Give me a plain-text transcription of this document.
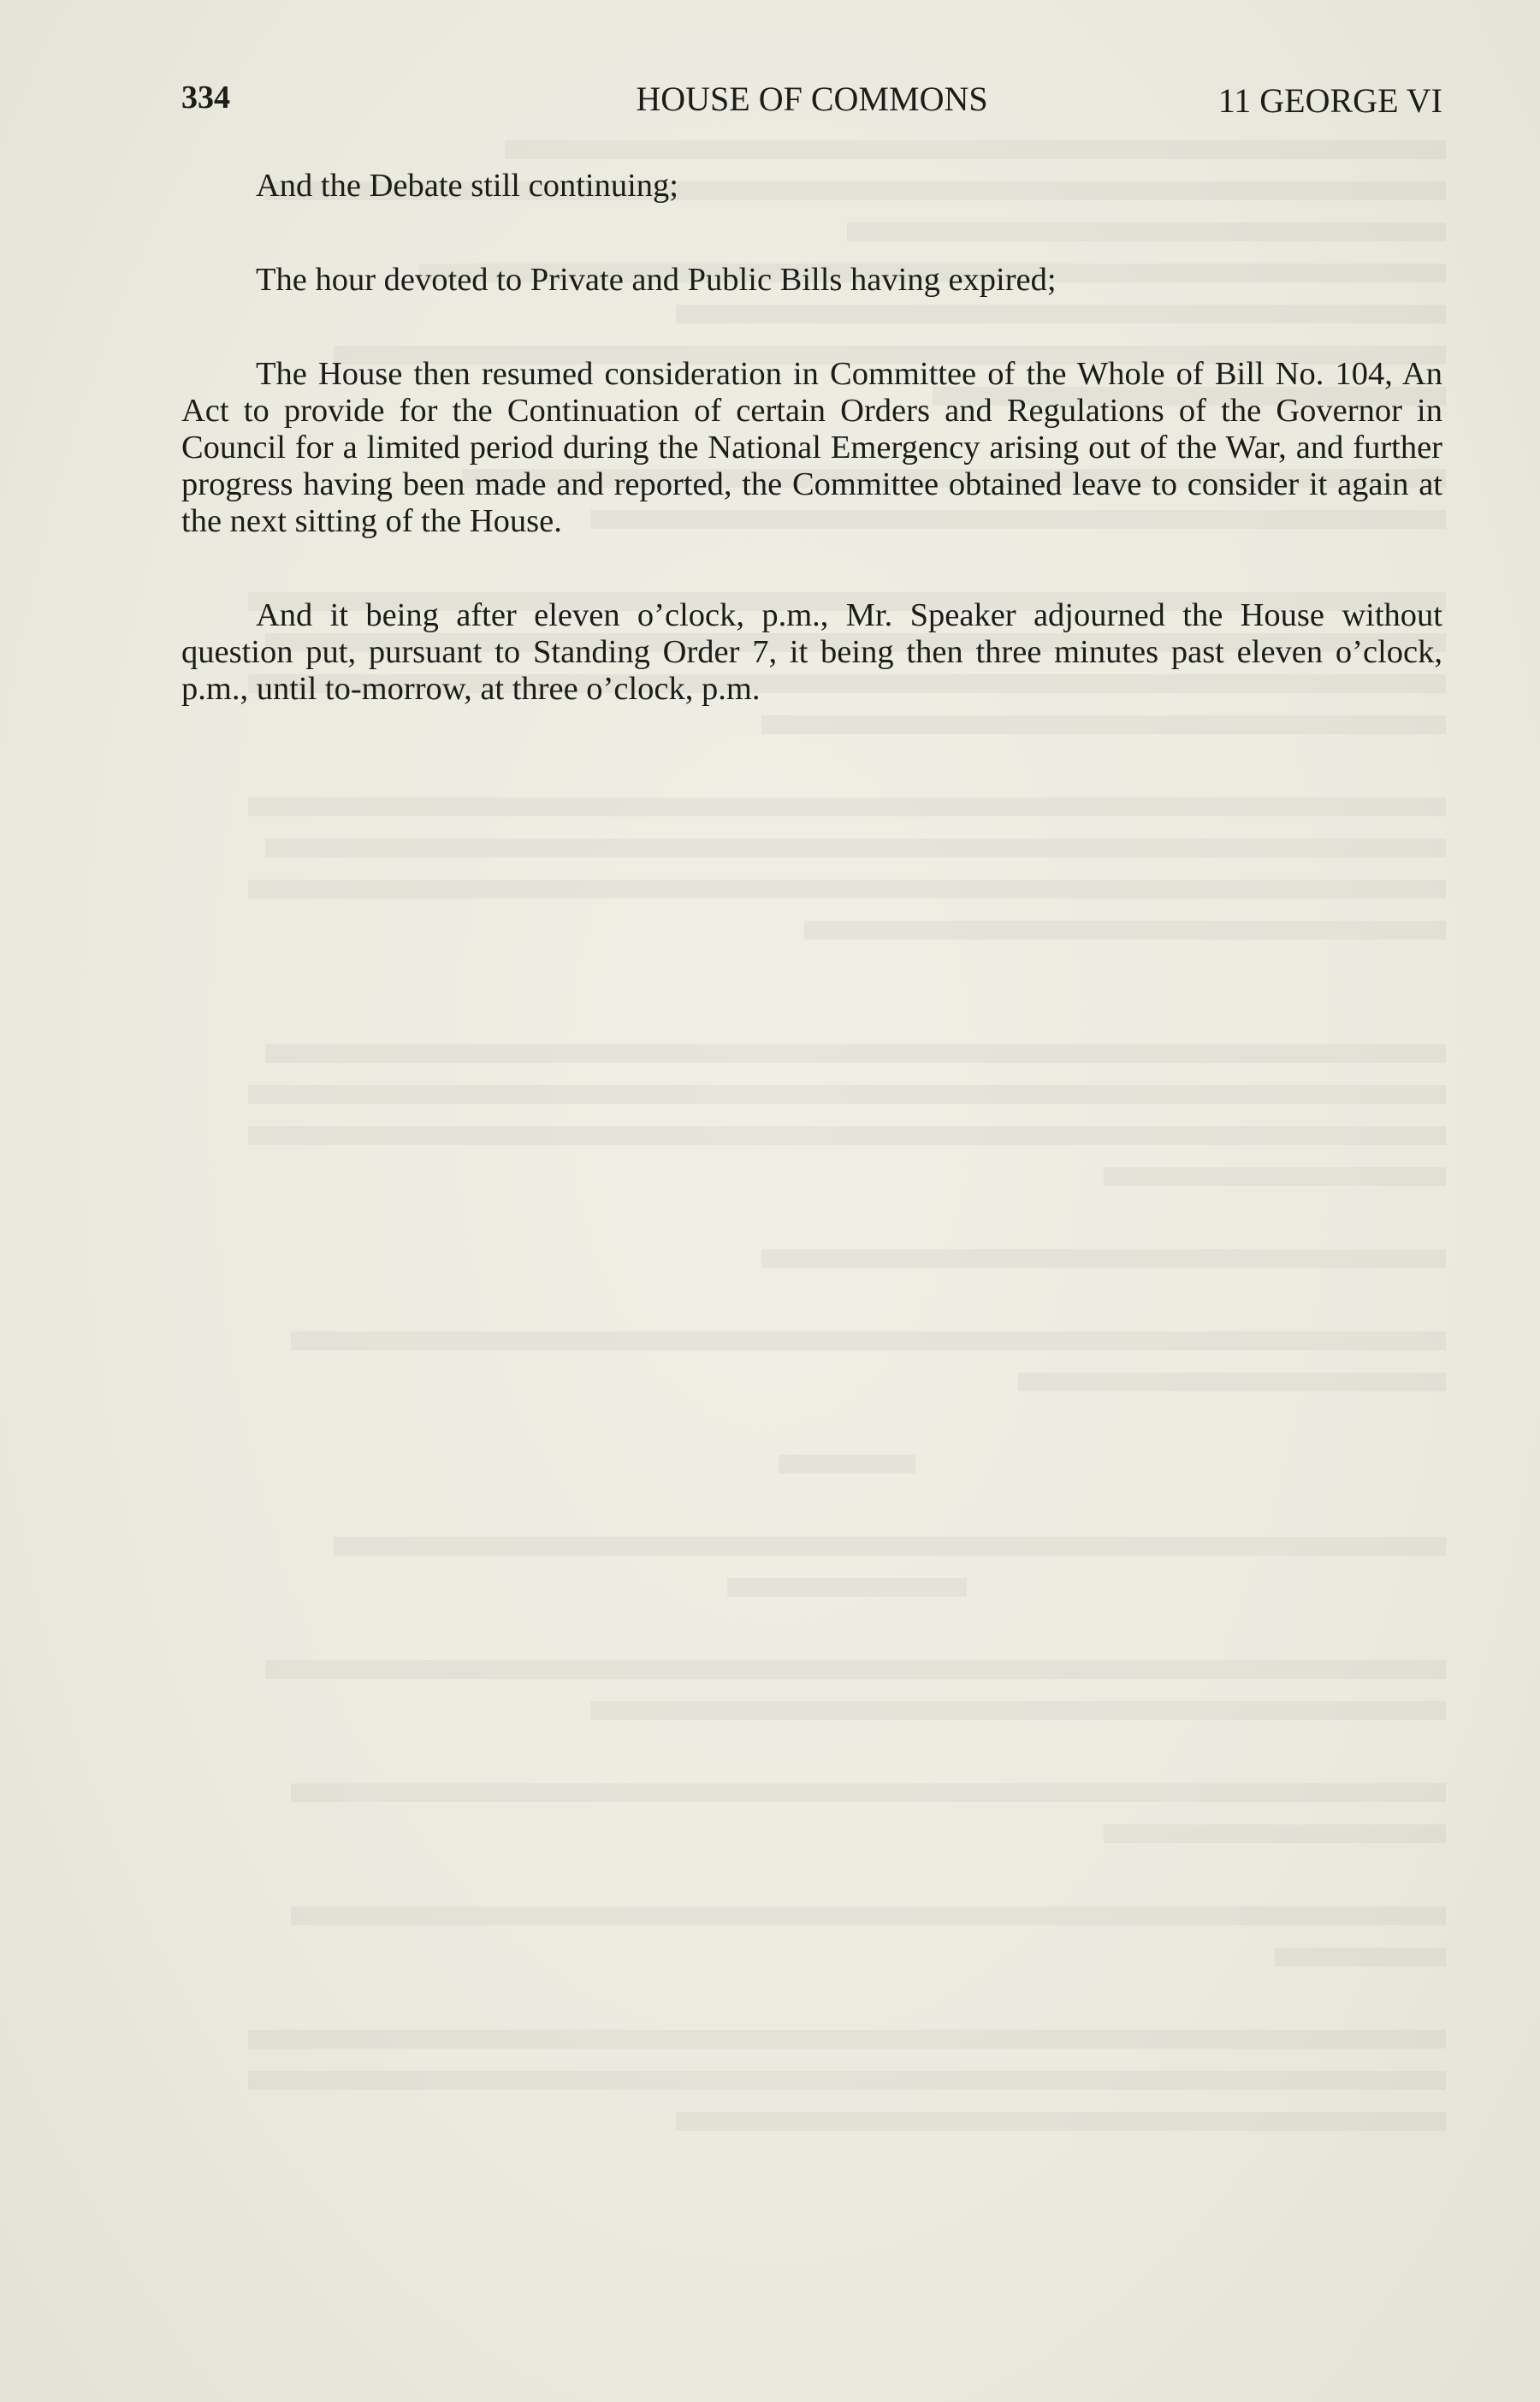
334	HOUSE OF COMMONS	11 GEORGE VI

And the Debate still continuing;

The hour devoted to Private and Public Bills having expired;

The House then resumed consideration in Committee of the Whole of Bill No. 104, An Act to provide for the Continuation of certain Orders and Regulations of the Governor in Council for a limited period during the National Emergency arising out of the War, and further progress having been made and reported, the Committee obtained leave to consider it again at the next sitting of the House.

And it being after eleven o’clock, p.m., Mr. Speaker adjourned the House without question put, pursuant to Standing Order 7, it being then three minutes past eleven o’clock, p.m., until to-morrow, at three o’clock, p.m.
